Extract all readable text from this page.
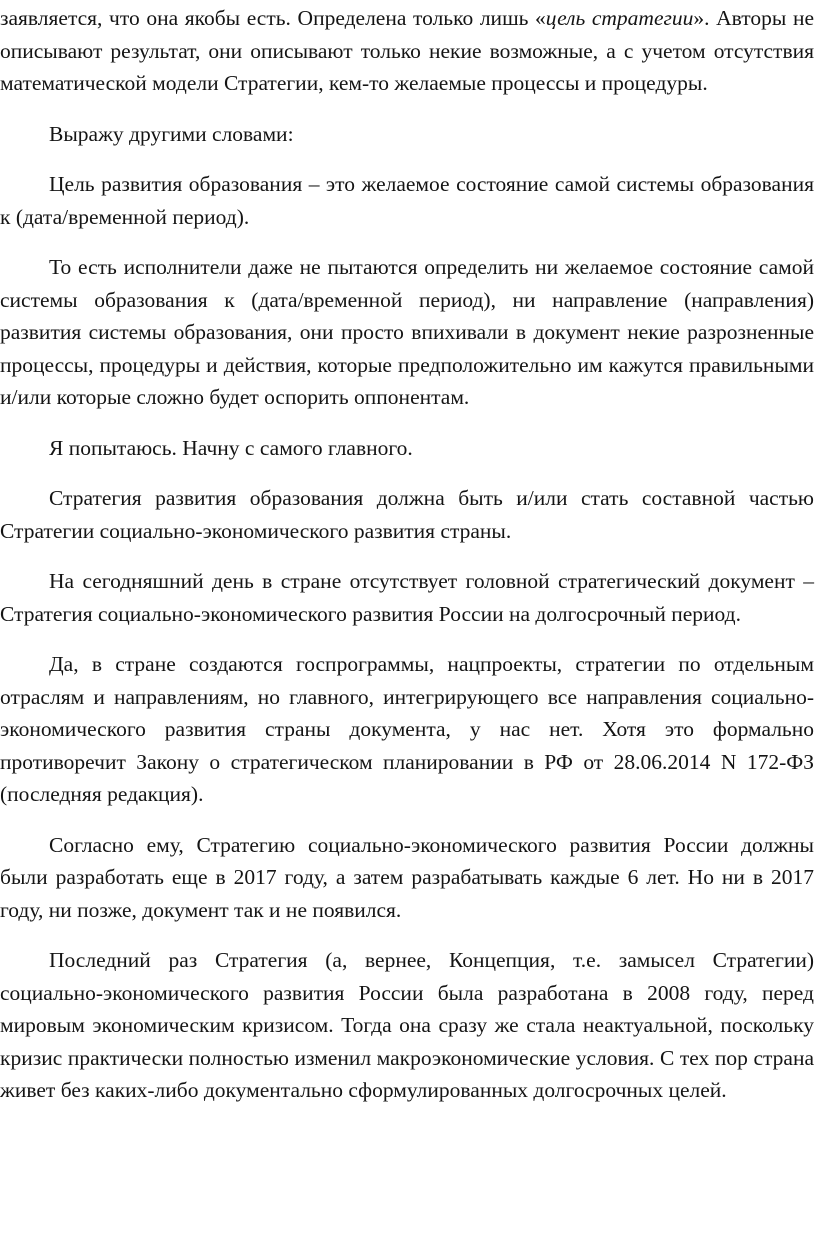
заявляется, что она якобы есть. Определена только лишь «цель стратегии». Авторы не описывают результат, они описывают только некие возможные, а с учетом отсутствия математической модели Стратегии, кем-то желаемые процессы и процедуры.

Выражу другими словами:

Цель развития образования – это желаемое состояние самой системы образования к (дата/временной период).

То есть исполнители даже не пытаются определить ни желаемое состояние самой системы образования к (дата/временной период), ни направление (направления) развития системы образования, они просто впихивали в документ некие разрозненные процессы, процедуры и действия, которые предположительно им кажутся правильными и/или которые сложно будет оспорить оппонентам.

Я попытаюсь. Начну с самого главного.

Стратегия развития образования должна быть и/или стать составной частью Стратегии социально-экономического развития страны.

На сегодняшний день в стране отсутствует головной стратегический документ – Стратегия социально-экономического развития России на долгосрочный период.

Да, в стране создаются госпрограммы, нацпроекты, стратегии по отдельным отраслям и направлениям, но главного, интегрирующего все направления социально-экономического развития страны документа, у нас нет. Хотя это формально противоречит Закону о стратегическом планировании в РФ от 28.06.2014 N 172-ФЗ (последняя редакция).

Согласно ему, Стратегию социально-экономического развития России должны были разработать еще в 2017 году, а затем разрабатывать каждые 6 лет. Но ни в 2017 году, ни позже, документ так и не появился.

Последний раз Стратегия (а, вернее, Концепция, т.е. замысел Стратегии) социально-экономического развития России была разработана в 2008 году, перед мировым экономическим кризисом. Тогда она сразу же стала неактуальной, поскольку кризис практически полностью изменил макроэкономические условия. С тех пор страна живет без каких-либо документально сформулированных долгосрочных целей.
